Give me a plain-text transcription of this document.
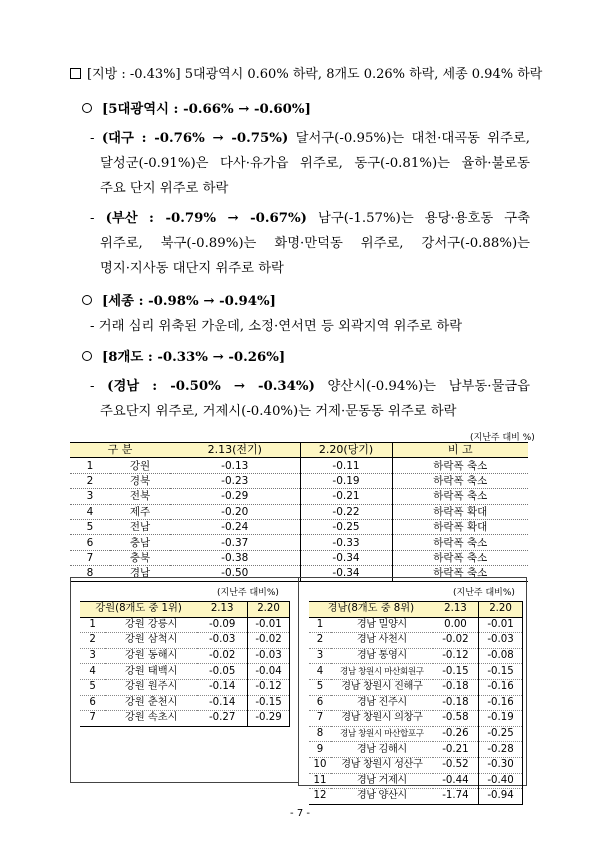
[지방 : -0.43%] 5대광역시 0.60% 하락, 8개도 0.26% 하락, 세종 0.94% 하락
[5대광역시 : -0.66% → -0.60%]
- (대구 : -0.76% → -0.75%) 달서구(-0.95%)는 대천·대곡동 위주로,
달성군(-0.91%)은 다사·유가읍 위주로, 동구(-0.81%)는 율하·불로동
주요 단지 위주로 하락
- (부산 : -0.79% → -0.67%) 남구(-1.57%)는 용당·용호동 구축
위주로, 북구(-0.89%)는 화명·만덕동 위주로, 강서구(-0.88%)는
명지·지사동 대단지 위주로 하락
[세종 : -0.98% → -0.94%]
- 거래 심리 위축된 가운데, 소정·연서면 등 외곽지역 위주로 하락
[8개도 : -0.33% → -0.26%]
- (경남 : -0.50% → -0.34%) 양산시(-0.94%)는 남부동·물금읍
주요단지 위주로, 거제시(-0.40%)는 거제·문동동 위주로 하락
(지난주 대비 %)
구 분		2.13(전기)	2.20(당기)	비 고
1	강원	-0.13	-0.11	하락폭 축소
2	경북	-0.23	-0.19	하락폭 축소
3	전북	-0.29	-0.21	하락폭 축소
4	제주	-0.20	-0.22	하락폭 확대
5	전남	-0.24	-0.25	하락폭 확대
6	충남	-0.37	-0.33	하락폭 축소
7	충북	-0.38	-0.34	하락폭 축소
8	경남	-0.50	-0.34	하락폭 축소
(지난주 대비%)
강원(8개도 중 1위)		2.13	2.20
1	강원 강릉시	-0.09	-0.01
2	강원 삼척시	-0.03	-0.02
3	강원 동해시	-0.02	-0.03
4	강원 태백시	-0.05	-0.04
5	강원 원주시	-0.14	-0.12
6	강원 춘천시	-0.14	-0.15
7	강원 속초시	-0.27	-0.29
(지난주 대비%)
경남(8개도 중 8위)		2.13	2.20
1	경남 밀양시	0.00	-0.01
2	경남 사천시	-0.02	-0.03
3	경남 통영시	-0.12	-0.08
4	경남 창원시 마산회원구	-0.15	-0.15
5	경남 창원시 진해구	-0.18	-0.16
6	경남 진주시	-0.18	-0.16
7	경남 창원시 의창구	-0.58	-0.19
8	경남 창원시 마산합포구	-0.26	-0.25
9	경남 김해시	-0.21	-0.28
10	경남 창원시 성산구	-0.52	-0.30
11	경남 거제시	-0.44	-0.40
12	경남 양산시	-1.74	-0.94
- 7 -
